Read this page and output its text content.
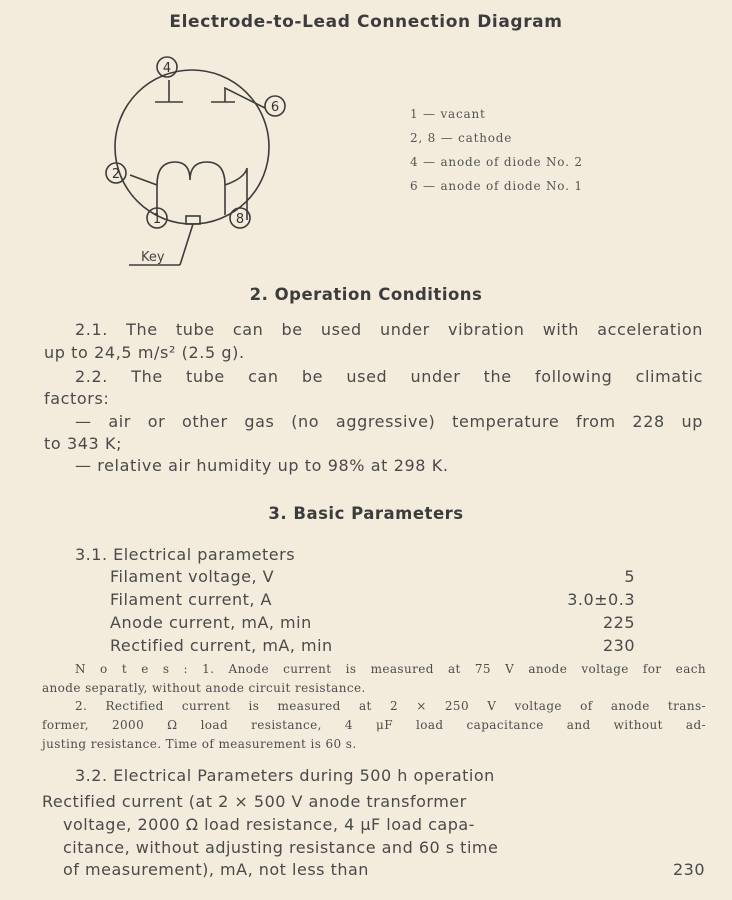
Electrode-to-Lead Connection Diagram
4
6
2
1	8
Key
1 — vacant
2, 8 — cathode
4 — anode of diode No. 2
6 — anode of diode No. 1
2. Operation Conditions
2.1. The tube can be used under vibration with acceleration
up to 24,5 m/s² (2.5 g).
2.2. The tube can be used under the following climatic
factors:
— air or other gas (no aggressive) temperature from 228 up
to 343 K;
— relative air humidity up to 98% at 298 K.
3. Basic Parameters
3.1. Electrical parameters
Filament voltage, V	5
Filament current, A	3.0±0.3
Anode current, mA, min	225
Rectified current, mA, min	230
N o t e s : 1. Anode current is measured at 75 V anode voltage for each
anode separatly, without anode circuit resistance.
2. Rectified current is measured at 2 × 250 V voltage of anode trans-
former, 2000 Ω load resistance, 4 μF load capacitance and without ad-
justing resistance. Time of measurement is 60 s.
3.2. Electrical Parameters during 500 h operation
Rectified current (at 2 × 500 V anode transformer
voltage, 2000 Ω load resistance, 4 μF load capa-
citance, without adjusting resistance and 60 s time
of measurement), mA, not less than	230
